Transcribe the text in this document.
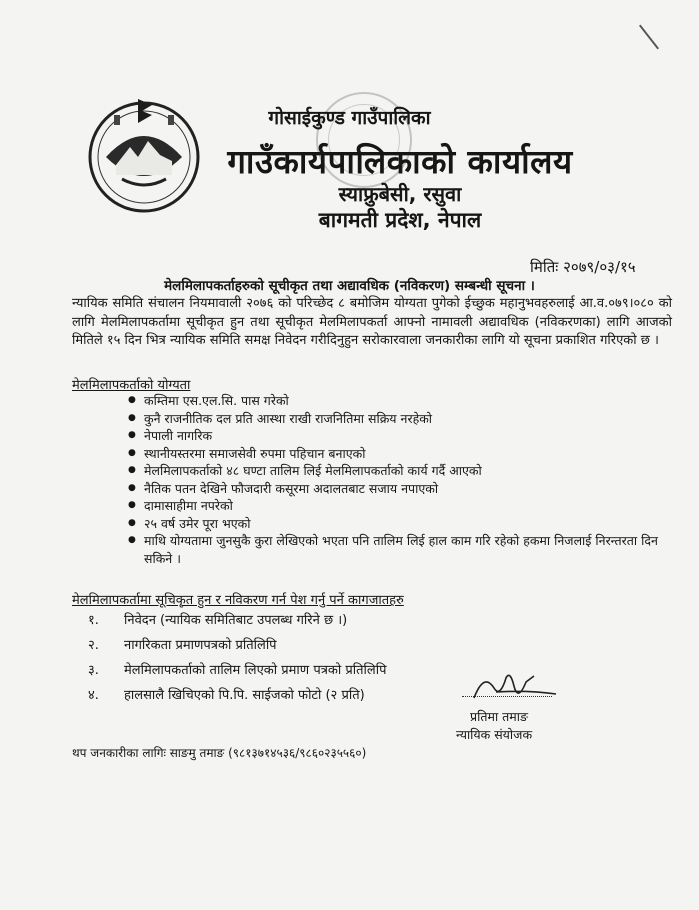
गोसाईकुण्ड गाउँपालिका
गाउँकार्यपालिकाको कार्यालय
स्याफ्रुबेसी, रसुवा
बागमती प्रदेश, नेपाल
मितिः २०७९/०३/१५
मेलमिलापकर्ताहरुको सूचीकृत तथा अद्यावधिक (नविकरण) सम्बन्धी सूचना ।
न्यायिक समिति संचालन नियमावाली २०७६ को परिच्छेद ८ बमोजिम योग्यता पुगेको ईच्छुक महानुभवहरुलाई आ.व.०७९।०८० को लागि मेलमिलापकर्तामा सूचीकृत हुन तथा सूचीकृत मेलमिलापकर्ता आफ्नो नामावली अद्यावधिक (नविकरणका) लागि आजको मितिले १५ दिन भित्र न्यायिक समिति समक्ष निवेदन गरीदिनुहुन सरोकारवाला जनकारीका लागि यो सूचना प्रकाशित गरिएको छ ।
मेलमिलापकर्ताको योग्यता
● कम्तिमा एस.एल.सि. पास गरेको
● कुनै राजनीतिक दल प्रति आस्था राखी राजनितिमा सक्रिय नरहेको
● नेपाली नागरिक
● स्थानीयस्तरमा समाजसेवी रुपमा पहिचान बनाएको
● मेलमिलापकर्ताको ४८ घण्टा तालिम लिई मेलमिलापकर्ताको कार्य गर्दै आएको
● नैतिक पतन देखिने फौजदारी कसूरमा अदालतबाट सजाय नपाएको
● दामासाहीमा नपरेको
● २५ वर्ष उमेर पूरा भएको
● माथि योग्यतामा जुनसुकै कुरा लेखिएको भएता पनि तालिम लिई हाल काम गरि रहेको हकमा निजलाई निरन्तरता दिन सकिने ।
मेलमिलापकर्तामा सूचिकृत हुन र नविकरण गर्न पेश गर्नु पर्ने कागजातहरु
१.	निवेदन (न्यायिक समितिबाट उपलब्ध गरिने छ ।)
२.	नागरिकता प्रमाणपत्रको प्रतिलिपि
३.	मेलमिलापकर्ताको तालिम लिएको प्रमाण पत्रको प्रतिलिपि
४.	हालसालै खिचिएको पि.पि. साईजको फोटो (२ प्रति)
प्रतिमा तमाङ
न्यायिक संयोजक
थप जनकारीका लागिः साङमु तमाङ (९८१३७१४५३६/९८६०२३५५६०)
